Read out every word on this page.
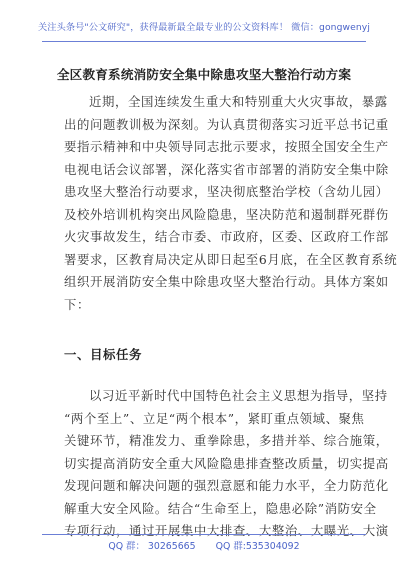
关注头条号"公文研究"，获得最新最全最专业的公文资料库！ 微信：gongwenyj
全区教育系统消防安全集中除患攻坚大整治行动方案

近期，全国连续发生重大和特别重大火灾事故，暴露
出的问题教训极为深刻。为认真贯彻落实习近平总书记重
要指示精神和中央领导同志批示要求，按照全国安全生产
电视电话会议部署，深化落实省市部署的消防安全集中除
患攻坚大整治行动要求，坚决彻底整治学校（含幼儿园）
及校外培训机构突出风险隐患，坚决防范和遏制群死群伤
火灾事故发生，结合市委、市政府，区委、区政府工作部
署要求，区教育局决定从即日起至6月底，在全区教育系统
组织开展消防安全集中除患攻坚大整治行动。具体方案如
下：

一、目标任务

以习近平新时代中国特色社会主义思想为指导，坚持
“两个至上”、立足“两个根本”，紧盯重点领域、聚焦
关键环节，精准发力、重拳除患，多措并举、综合施策，
切实提高消防安全重大风险隐患排查整改质量，切实提高
发现问题和解决问题的强烈意愿和能力水平，全力防范化
解重大安全风险。结合“生命至上，隐患必除”消防安全
专项行动，通过开展集中大排查、大整治、大曝光、大演

QQ 群： 30265665 QQ 群:535304092
